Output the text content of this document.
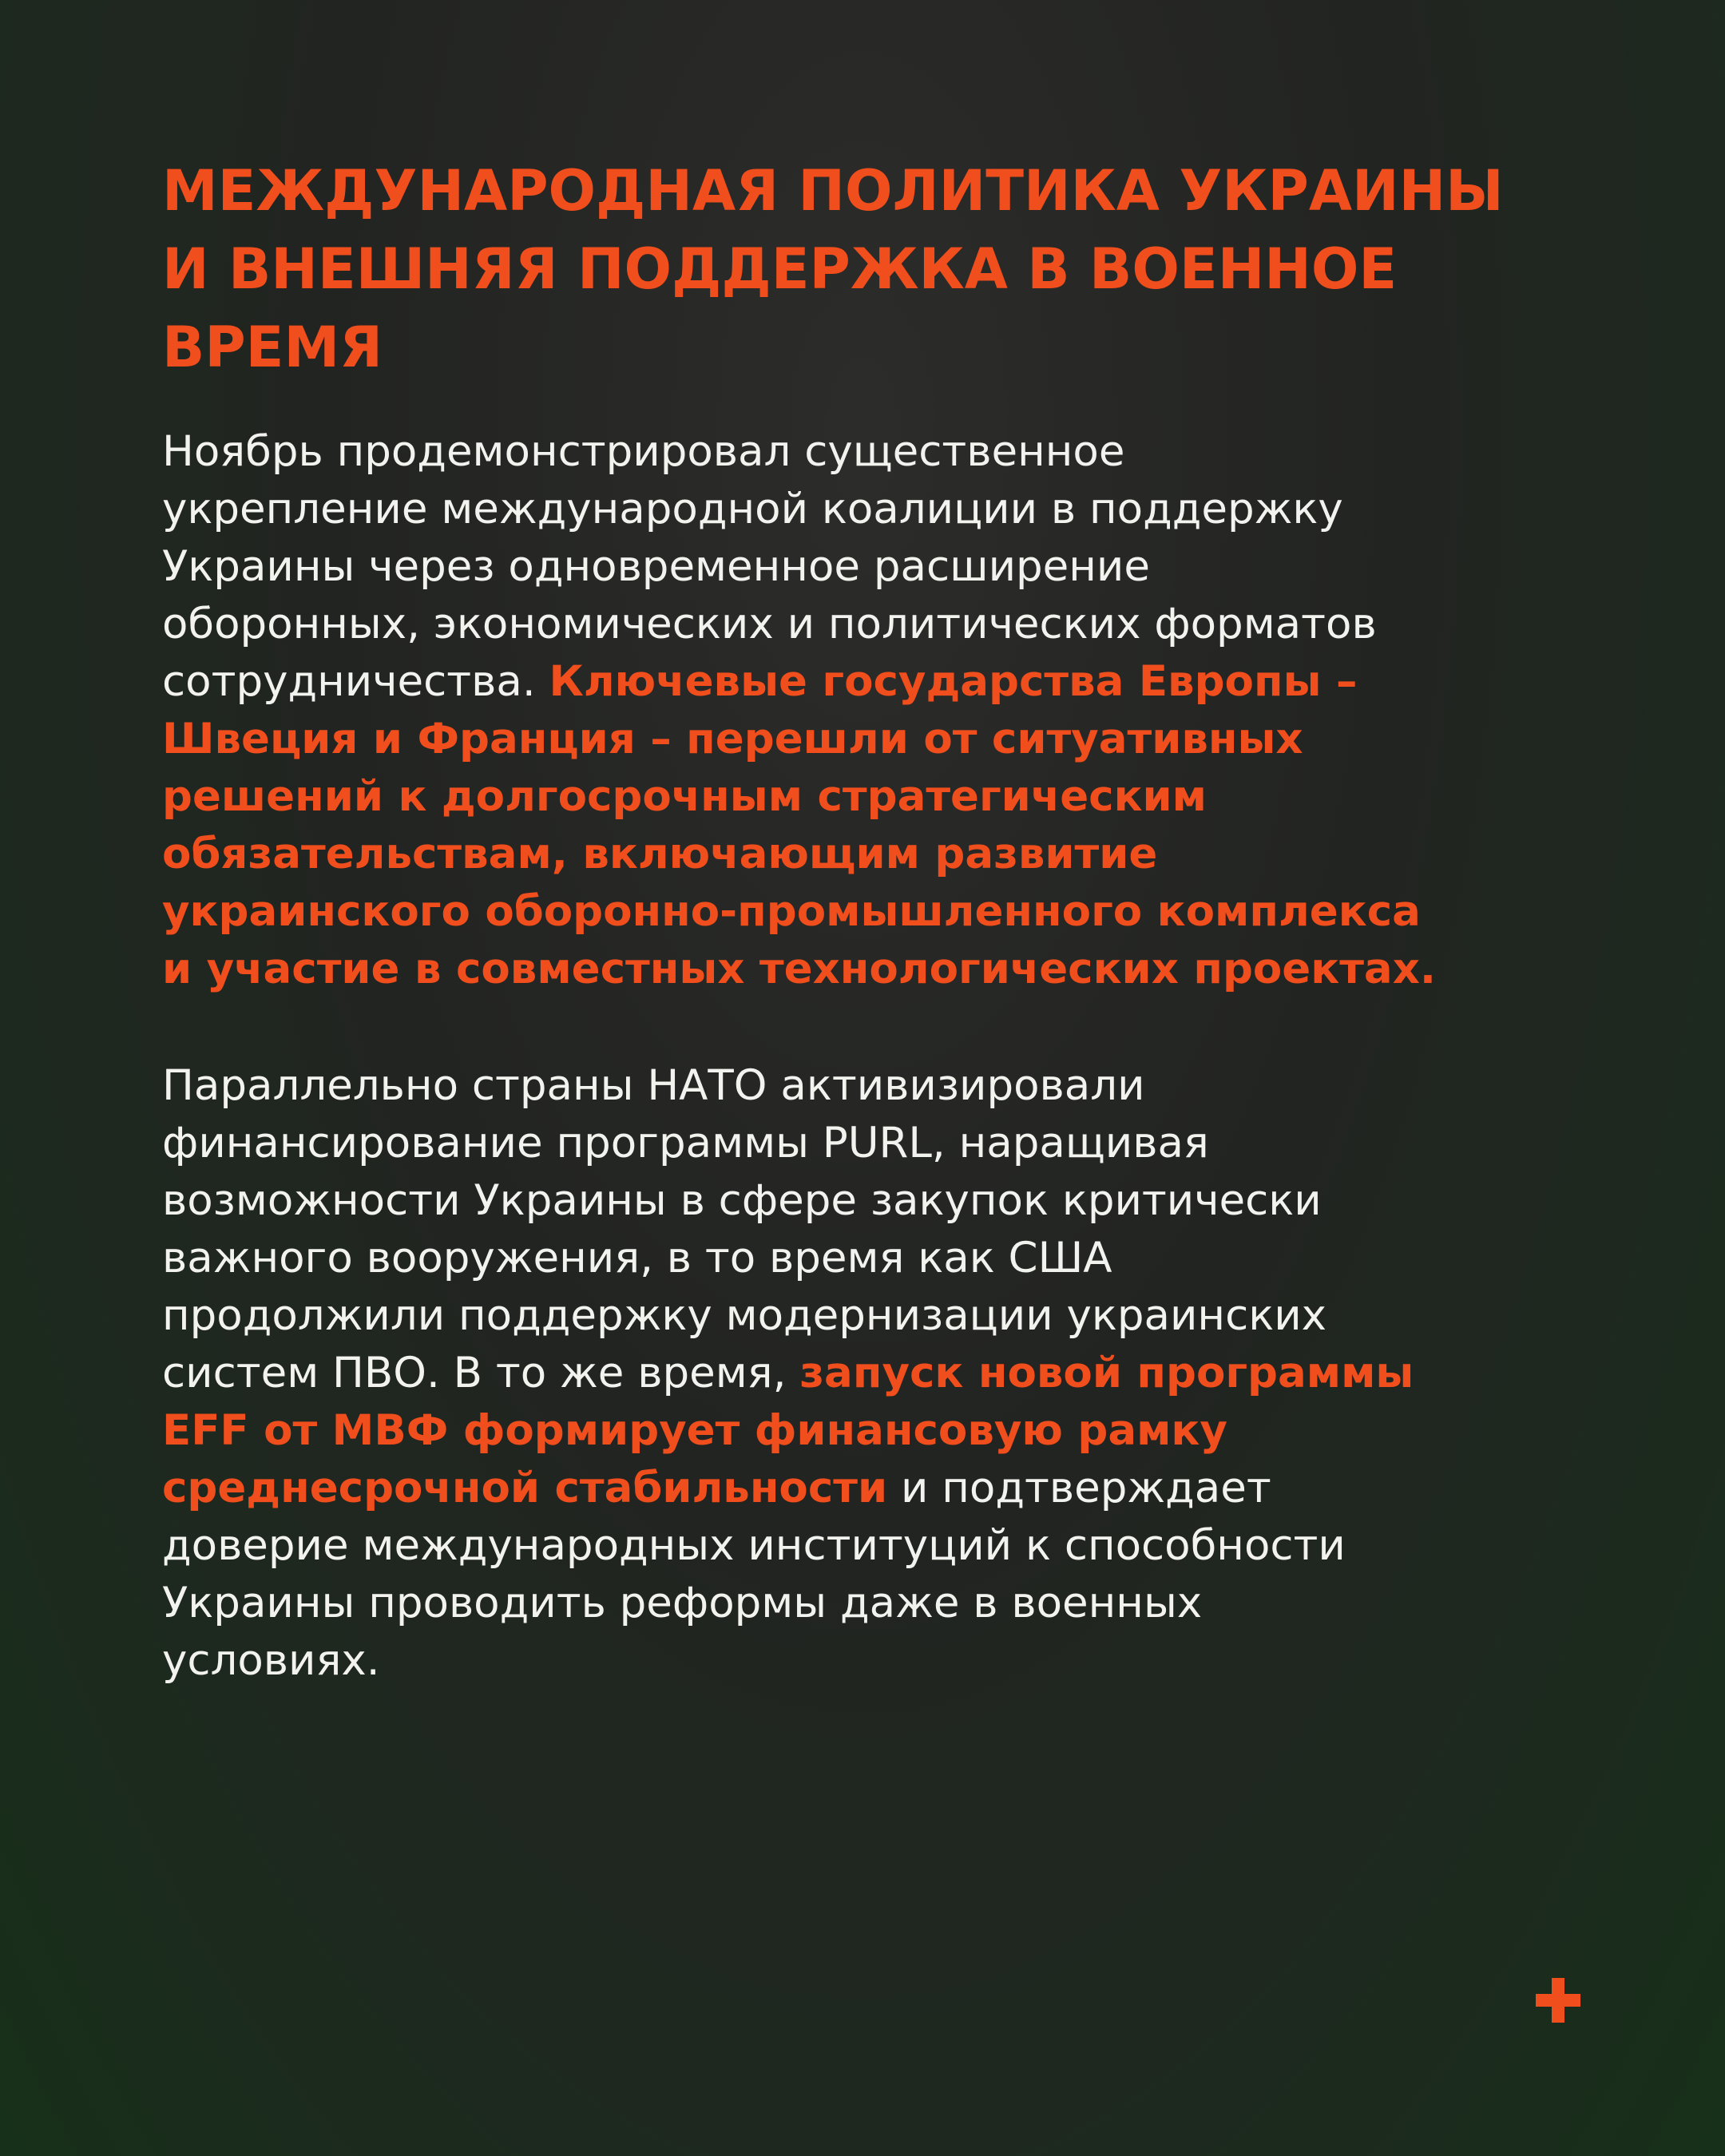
МЕЖДУНАРОДНАЯ ПОЛИТИКА УКРАИНЫ
И ВНЕШНЯЯ ПОДДЕРЖКА В ВОЕННОЕ
ВРЕМЯ
Ноябрь продемонстрировал существенное
укрепление международной коалиции в поддержку
Украины через одновременное расширение
оборонных, экономических и политических форматов
сотрудничества. Ключевые государства Европы –
Швеция и Франция – перешли от ситуативных
решений к долгосрочным стратегическим
обязательствам, включающим развитие
украинского оборонно-промышленного комплекса
и участие в совместных технологических проектах.
Параллельно страны НАТО активизировали
финансирование программы PURL, наращивая
возможности Украины в сфере закупок критически
важного вооружения, в то время как США
продолжили поддержку модернизации украинских
систем ПВО. В то же время, запуск новой программы
EFF от МВФ формирует финансовую рамку
среднесрочной стабильности и подтверждает
доверие международных институций к способности
Украины проводить реформы даже в военных
условиях.
